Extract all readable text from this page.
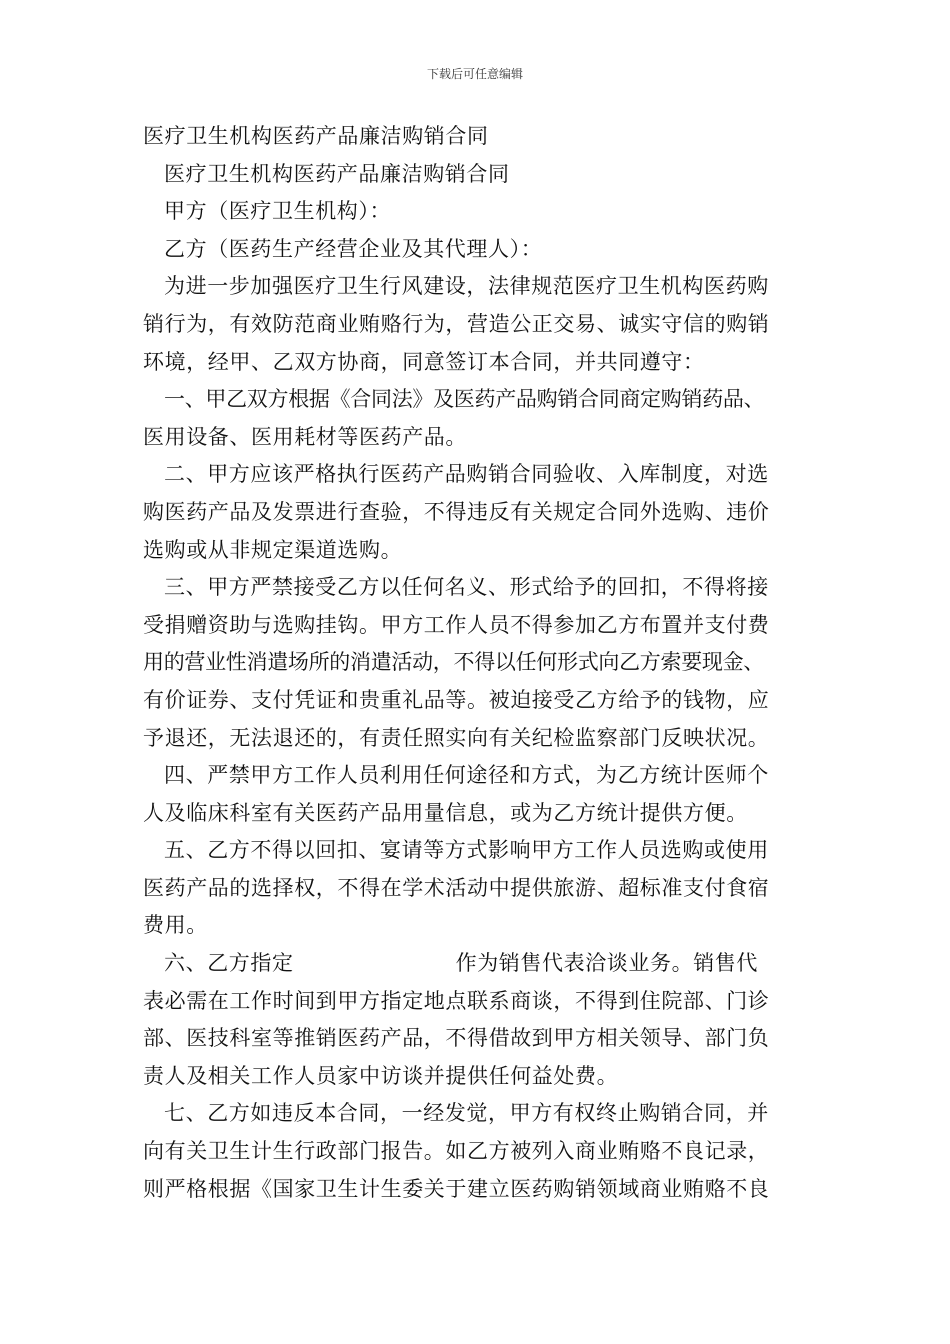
下载后可任意编辑
医疗卫生机构医药产品廉洁购销合同
医疗卫生机构医药产品廉洁购销合同
甲方（医疗卫生机构）：
乙方（医药生产经营企业及其代理人）：
为进一步加强医疗卫生行风建设，法律规范医疗卫生机构医药购
销行为，有效防范商业贿赂行为，营造公正交易、诚实守信的购销
环境，经甲、乙双方协商，同意签订本合同，并共同遵守：
一、甲乙双方根据《合同法》及医药产品购销合同商定购销药品、
医用设备、医用耗材等医药产品。
二、甲方应该严格执行医药产品购销合同验收、入库制度，对选
购医药产品及发票进行查验，不得违反有关规定合同外选购、违价
选购或从非规定渠道选购。
三、甲方严禁接受乙方以任何名义、形式给予的回扣，不得将接
受捐赠资助与选购挂钩。甲方工作人员不得参加乙方布置并支付费
用的营业性消遣场所的消遣活动，不得以任何形式向乙方索要现金、
有价证券、支付凭证和贵重礼品等。被迫接受乙方给予的钱物，应
予退还，无法退还的，有责任照实向有关纪检监察部门反映状况。
四、严禁甲方工作人员利用任何途径和方式，为乙方统计医师个
人及临床科室有关医药产品用量信息，或为乙方统计提供方便。
五、乙方不得以回扣、宴请等方式影响甲方工作人员选购或使用
医药产品的选择权，不得在学术活动中提供旅游、超标准支付食宿
费用。
六、乙方指定	作为销售代表洽谈业务。销售代
表必需在工作时间到甲方指定地点联系商谈，不得到住院部、门诊
部、医技科室等推销医药产品，不得借故到甲方相关领导、部门负
责人及相关工作人员家中访谈并提供任何益处费。
七、乙方如违反本合同，一经发觉，甲方有权终止购销合同，并
向有关卫生计生行政部门报告。如乙方被列入商业贿赂不良记录，
则严格根据《国家卫生计生委关于建立医药购销领域商业贿赂不良
